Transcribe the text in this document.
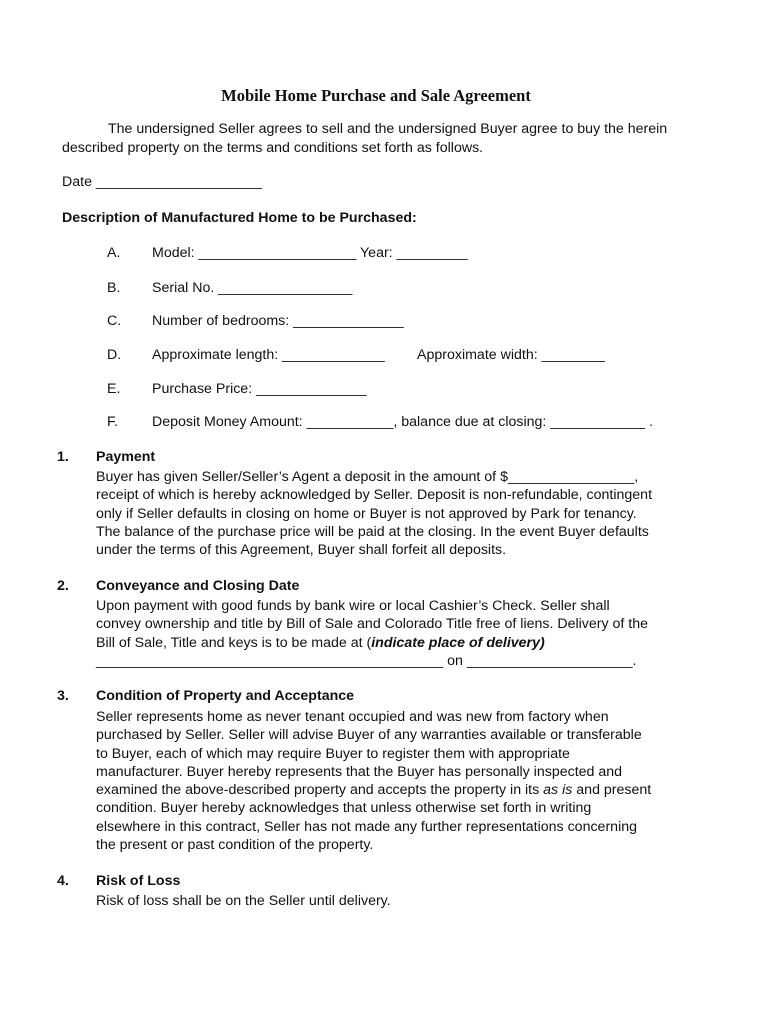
Mobile Home Purchase and Sale Agreement
The undersigned Seller agrees to sell and the undersigned Buyer agree to buy the herein described property on the terms and conditions set forth as follows.
Date _____________________
Description of Manufactured Home to be Purchased:
A. Model: ____________________ Year: _________
B. Serial No. _________________
C. Number of bedrooms: ______________
D. Approximate length: _____________ Approximate width: ________
E. Purchase Price: ______________
F. Deposit Money Amount: ___________, balance due at closing: ____________ .
1. Payment
Buyer has given Seller/Seller’s Agent a deposit in the amount of $________________,
receipt of which is hereby acknowledged by Seller. Deposit is non-refundable, contingent
only if Seller defaults in closing on home or Buyer is not approved by Park for tenancy.
The balance of the purchase price will be paid at the closing. In the event Buyer defaults
under the terms of this Agreement, Buyer shall forfeit all deposits.
2. Conveyance and Closing Date
Upon payment with good funds by bank wire or local Cashier’s Check. Seller shall
convey ownership and title by Bill of Sale and Colorado Title free of liens. Delivery of the
Bill of Sale, Title and keys is to be made at (indicate place of delivery)
____________________________________________ on _____________________.
3. Condition of Property and Acceptance
Seller represents home as never tenant occupied and was new from factory when
purchased by Seller. Seller will advise Buyer of any warranties available or transferable
to Buyer, each of which may require Buyer to register them with appropriate
manufacturer. Buyer hereby represents that the Buyer has personally inspected and
examined the above-described property and accepts the property in its as is and present
condition. Buyer hereby acknowledges that unless otherwise set forth in writing
elsewhere in this contract, Seller has not made any further representations concerning
the present or past condition of the property.
4. Risk of Loss
Risk of loss shall be on the Seller until delivery.
